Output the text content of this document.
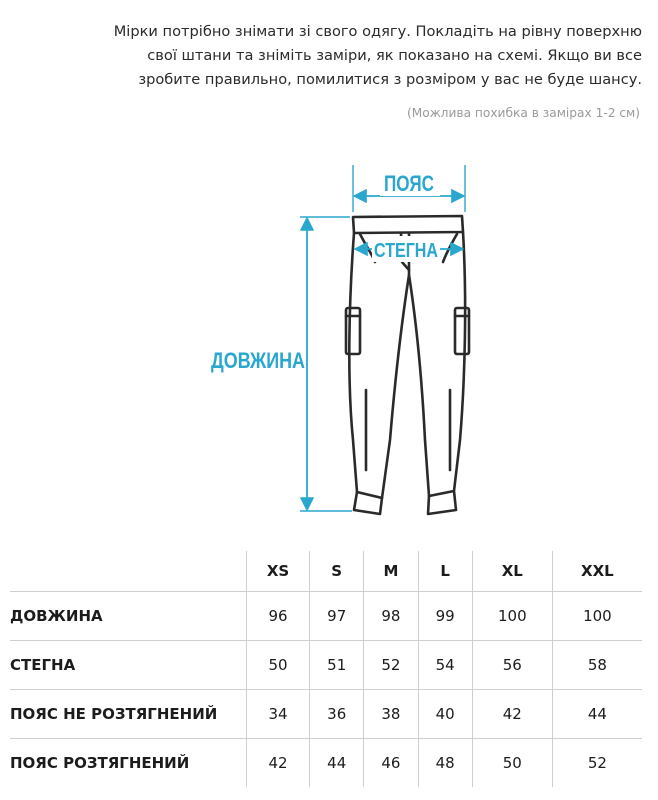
Мірки потрібно знімати зі свого одягу. Покладіть на рівну поверхню
свої штани та зніміть заміри, як показано на схемі. Якщо ви все
зробите правильно, помилитися з розміром у вас не буде шансу.
(Можлива похибка в замірах 1-2 см)
ПОЯС
СТЕГНА
ДОВЖИНА
	XS	S	M	L	XL	XXL
ДОВЖИНА	96	97	98	99	100	100
СТЕГНА	50	51	52	54	56	58
ПОЯС НЕ РОЗТЯГНЕНИЙ	34	36	38	40	42	44
ПОЯС РОЗТЯГНЕНИЙ	42	44	46	48	50	52
